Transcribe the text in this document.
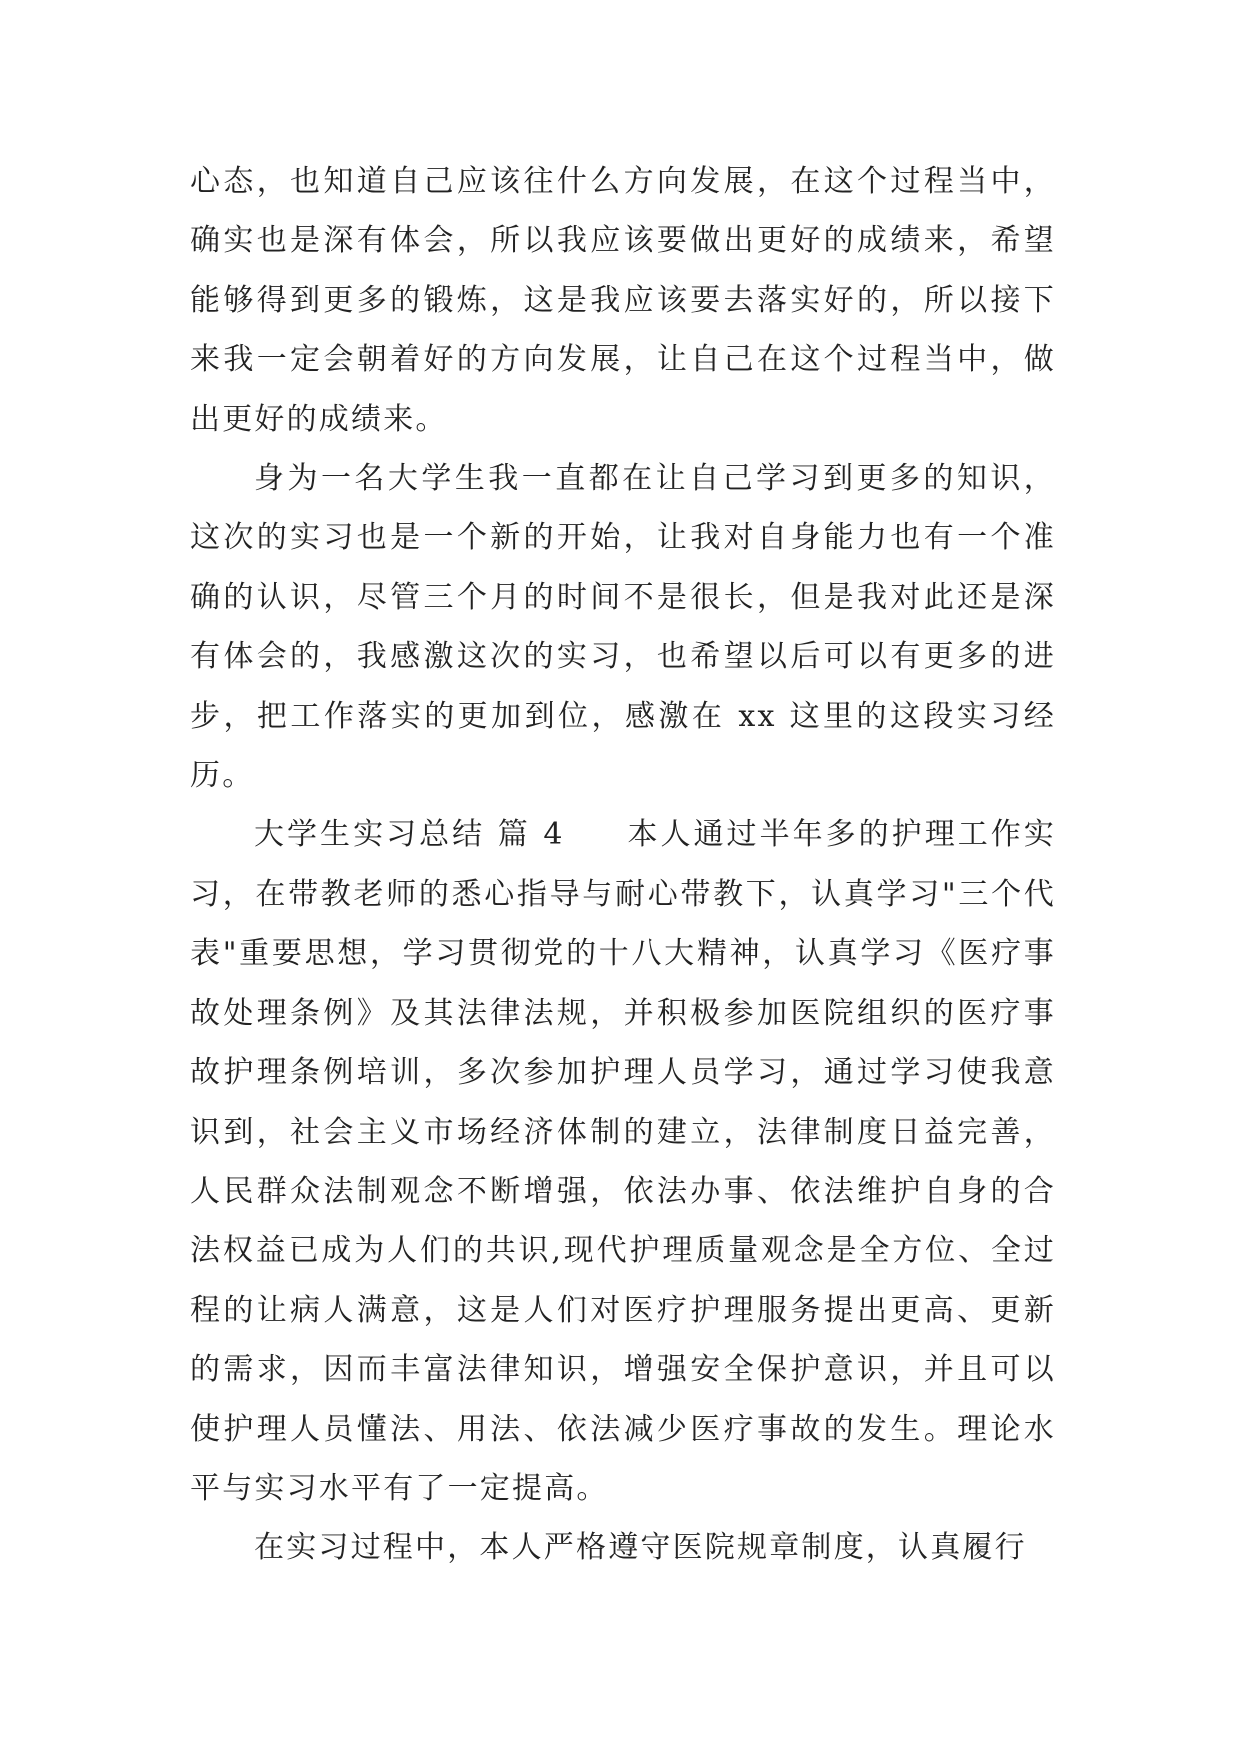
心态，也知道自己应该往什么方向发展，在这个过程当中，确实也是深有体会，所以我应该要做出更好的成绩来，希望能够得到更多的锻炼，这是我应该要去落实好的，所以接下来我一定会朝着好的方向发展，让自己在这个过程当中，做出更好的成绩来。

身为一名大学生我一直都在让自己学习到更多的知识，这次的实习也是一个新的开始，让我对自身能力也有一个准确的认识，尽管三个月的时间不是很长，但是我对此还是深有体会的，我感激这次的实习，也希望以后可以有更多的进步，把工作落实的更加到位，感激在 xx 这里的这段实习经历。

大学生实习总结 篇 4 本人通过半年多的护理工作实习，在带教老师的悉心指导与耐心带教下，认真学习"三个代表"重要思想，学习贯彻党的十八大精神，认真学习《医疗事故处理条例》及其法律法规，并积极参加医院组织的医疗事故护理条例培训，多次参加护理人员学习，通过学习使我意识到，社会主义市场经济体制的建立，法律制度日益完善，人民群众法制观念不断增强，依法办事、依法维护自身的合法权益已成为人们的共识,现代护理质量观念是全方位、全过程的让病人满意，这是人们对医疗护理服务提出更高、更新的需求，因而丰富法律知识，增强安全保护意识，并且可以使护理人员懂法、用法、依法减少医疗事故的发生。理论水平与实习水平有了一定提高。

在实习过程中，本人严格遵守医院规章制度，认真履行
